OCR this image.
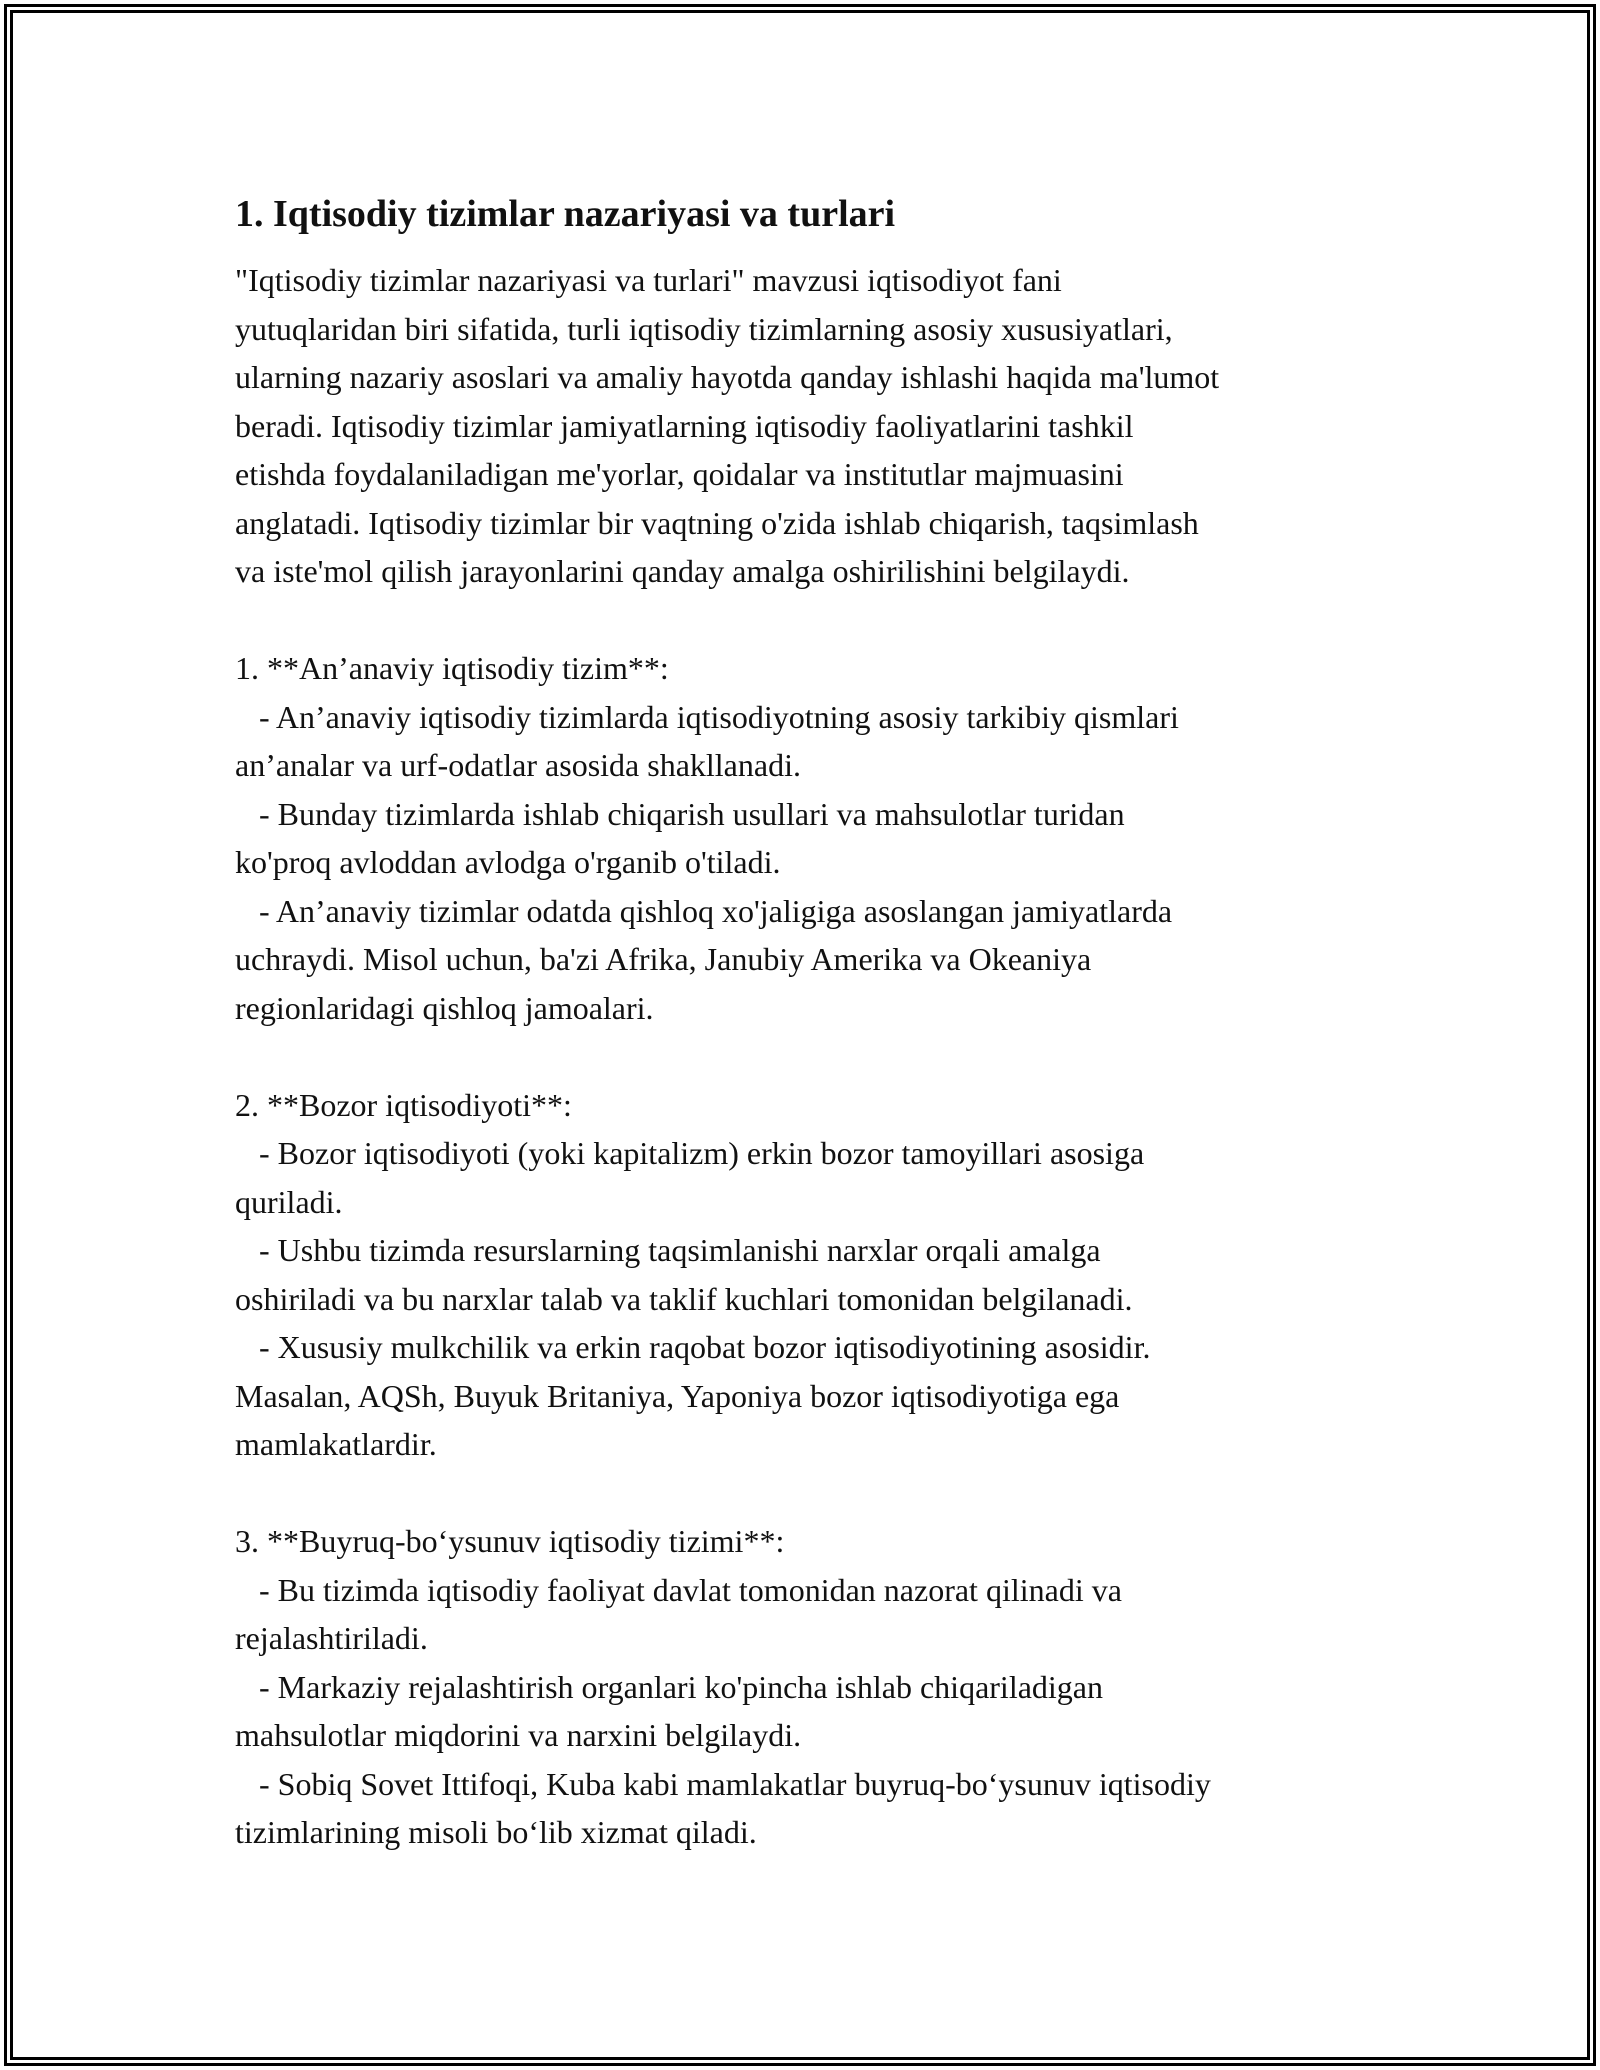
1. Iqtisodiy tizimlar nazariyasi va turlari
"Iqtisodiy tizimlar nazariyasi va turlari" mavzusi iqtisodiyot fani
yutuqlaridan biri sifatida, turli iqtisodiy tizimlarning asosiy xususiyatlari,
ularning nazariy asoslari va amaliy hayotda qanday ishlashi haqida ma'lumot
beradi. Iqtisodiy tizimlar jamiyatlarning iqtisodiy faoliyatlarini tashkil
etishda foydalaniladigan me'yorlar, qoidalar va institutlar majmuasini
anglatadi. Iqtisodiy tizimlar bir vaqtning o'zida ishlab chiqarish, taqsimlash
va iste'mol qilish jarayonlarini qanday amalga oshirilishini belgilaydi.
1. **An’anaviy iqtisodiy tizim**:
- An’anaviy iqtisodiy tizimlarda iqtisodiyotning asosiy tarkibiy qismlari
an’analar va urf-odatlar asosida shakllanadi.
- Bunday tizimlarda ishlab chiqarish usullari va mahsulotlar turidan
ko'proq avloddan avlodga o'rganib o'tiladi.
- An’anaviy tizimlar odatda qishloq xo'jaligiga asoslangan jamiyatlarda
uchraydi. Misol uchun, ba'zi Afrika, Janubiy Amerika va Okeaniya
regionlaridagi qishloq jamoalari.
2. **Bozor iqtisodiyoti**:
- Bozor iqtisodiyoti (yoki kapitalizm) erkin bozor tamoyillari asosiga
quriladi.
- Ushbu tizimda resurslarning taqsimlanishi narxlar orqali amalga
oshiriladi va bu narxlar talab va taklif kuchlari tomonidan belgilanadi.
- Xususiy mulkchilik va erkin raqobat bozor iqtisodiyotining asosidir.
Masalan, AQSh, Buyuk Britaniya, Yaponiya bozor iqtisodiyotiga ega
mamlakatlardir.
3. **Buyruq-bo‘ysunuv iqtisodiy tizimi**:
- Bu tizimda iqtisodiy faoliyat davlat tomonidan nazorat qilinadi va
rejalashtiriladi.
- Markaziy rejalashtirish organlari ko'pincha ishlab chiqariladigan
mahsulotlar miqdorini va narxini belgilaydi.
- Sobiq Sovet Ittifoqi, Kuba kabi mamlakatlar buyruq-bo‘ysunuv iqtisodiy
tizimlarining misoli bo‘lib xizmat qiladi.
